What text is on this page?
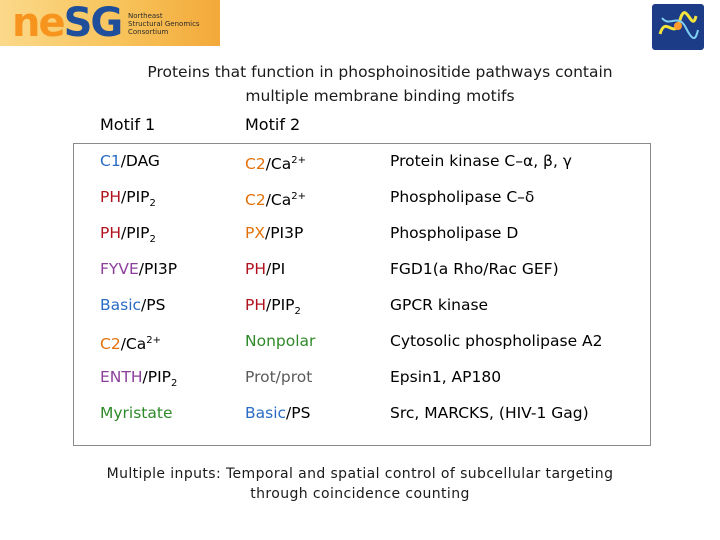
neSG Northeast
Structural Genomics
Consortium
Proteins that function in phosphoinositide pathways contain
multiple membrane binding motifs
Motif 1	Motif 2
C1/DAG	$C2/Ca^{2+}$	Protein kinase C–α, β, γ
$PH/PIP_2$	$C2/Ca^{2+}$	Phospholipase C–δ
$PH/PIP_2$	PX/PI3P	Phospholipase D
FYVE/PI3P	PH/PI	FGD1(a Rho/Rac GEF)
Basic/PS	$PH/PIP_2$	GPCR kinase
$C2/Ca^{2+}$	Nonpolar	Cytosolic phospholipase A2
ENTH/$PIP_2$	Prot/prot	Epsin1, AP180
Myristate	Basic/PS	Src, MARCKS, (HIV-1 Gag)
Multiple inputs: Temporal and spatial control of subcellular targeting
through coincidence counting
